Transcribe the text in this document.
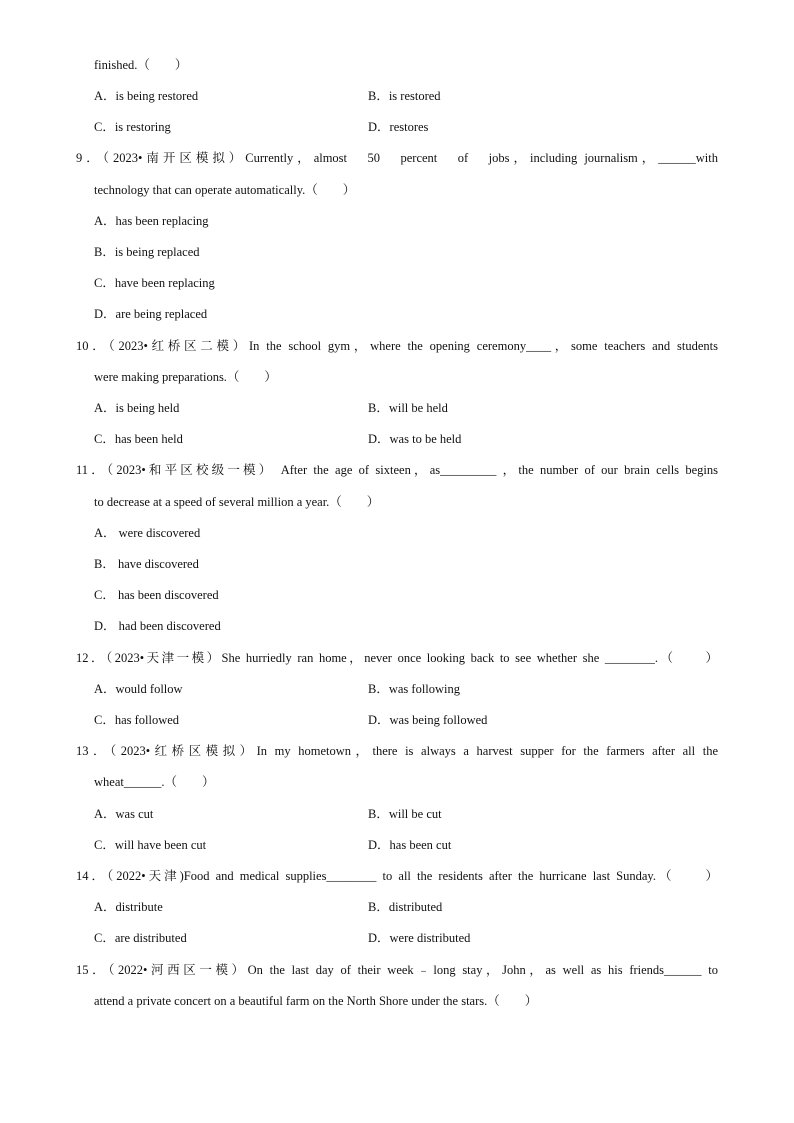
finished.（　　）
A．is being restored	B．is restored
C．is restoring	D．restores
9．（2023•南开区模拟）Currently，almost　50　percent　of　jobs，including journalism，______with
technology that can operate automatically.（　　）
A．has been replacing
B．is being replaced
C．have been replacing
D．are being replaced
10．（2023•红桥区二模）In the school gym，where the opening ceremony____，some teachers and students
were making preparations.（　　）
A．is being held	B．will be held
C．has been held	D．was to be held
11．（2023•和平区校级一模） After the age of sixteen，as_________ ，the number of our brain cells begins
to decrease at a speed of several million a year.（　　）
A． were discovered
B． have discovered
C． has been discovered
D． had been discovered
12．（2023•天津一模）She hurriedly ran home，never once looking back to see whether she ________.（　　）
A．would follow	B．was following
C．has followed	D．was being followed
13．（2023•红桥区模拟）In my hometown，there is always a harvest supper for the farmers after all the
wheat______.（　　）
A．was cut	B．will be cut
C．will have been cut	D．has been cut
14．（2022•天津)Food and medical supplies________ to all the residents after the hurricane last Sunday.（　　）
A．distribute	B．distributed
C．are distributed	D．were distributed
15．（2022•河西区一模）On the last day of their week﹣long stay，John，as well as his friends______ to
attend a private concert on a beautiful farm on the North Shore under the stars.（　　）
